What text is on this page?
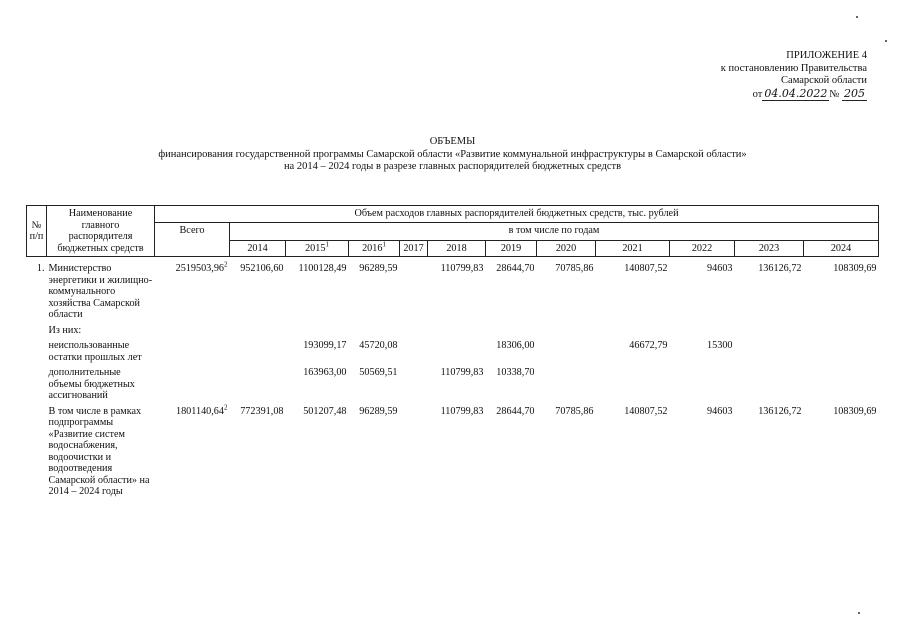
ПРИЛОЖЕНИЕ 4
к постановлению Правительства
Самарской области
от 04.04.2022 № 205
ОБЪЕМЫ
финансирования государственной программы Самарской области «Развитие коммунальной инфраструктуры в Самарской области»
на 2014 – 2024 годы в разрезе главных распорядителей бюджетных средств
№ п/п	Наименование главного распорядителя бюджетных средств	Объем расходов главных распорядителей бюджетных средств, тыс. рублей											
		Всего	в том числе по годам										
			2014	2015$^1$	2016$^1$	2017	2018	2019	2020	2021	2022	2023	2024
1.	Министерство энергетики и жилищно-коммунального хозяйства Самарской области	2519503,96$^2$	952106,60	1100128,49	96289,59		110799,83	28644,70	70785,86	140807,52	94603	136126,72	108309,69
	Из них:												
	неиспользованные остатки прошлых лет			193099,17	45720,08			18306,00		46672,79	15300		
	дополнительные объемы бюджетных ассигнований			163963,00	50569,51		110799,83	10338,70					
	В том числе в рамках подпрограммы «Развитие систем водоснабжения, водоочистки и водоотведения Самарской области» на 2014 – 2024 годы	1801140,64$^2$	772391,08	501207,48	96289,59		110799,83	28644,70	70785,86	140807,52	94603	136126,72	108309,69
